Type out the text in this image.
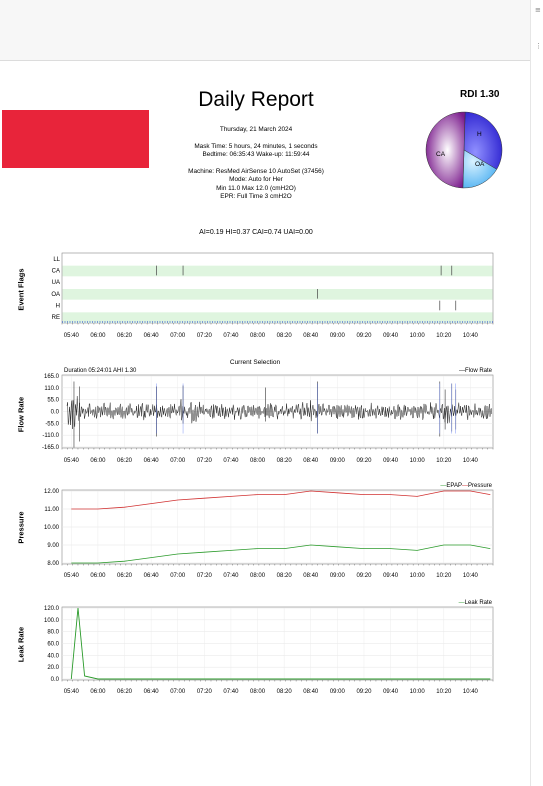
≡
⋮
Daily Report	RDI 1.30
Thursday, 21 March 2024
Mask Time: 5 hours, 24 minutes, 1 seconds
Bedtime: 06:35:43 Wake-up: 11:59:44
Machine: ResMed AirSense 10 AutoSet (37456)
Mode: Auto for Her
Min 11.0 Max 12.0 (cmH2O)
EPR: Full Time 3 cmH2O
AI=0.19 HI=0.37 CAI=0.74 UAI=0.00
CA
H
OA
Event Flags
Flow Rate
Pressure
Leak Rate
LL
CA
UA
OA
H
RE
Current Selection
Duration 05:24:01 AHI 1.30	—Flow Rate
—EPAP—Pressure
—Leak Rate
05:40 06:00 06:20 06:40 07:00 07:20 07:40 08:00 08:20 08:40 09:00 09:20 09:40 10:00 10:20 10:40
05:40 06:00 06:20 06:40 07:00 07:20 07:40 08:00 08:20 08:40 09:00 09:20 09:40 10:00 10:20 10:40
05:40 06:00 06:20 06:40 07:00 07:20 07:40 08:00 08:20 08:40 09:00 09:20 09:40 10:00 10:20 10:40
05:40 06:00 06:20 06:40 07:00 07:20 07:40 08:00 08:20 08:40 09:00 09:20 09:40 10:00 10:20 10:40
165.0
110.0
55.0
0.0
-55.0
-110.0
-165.0
12.00
11.00
10.00
9.00
8.00
120.0
100.0
80.0
60.0
40.0
20.0
0.0
